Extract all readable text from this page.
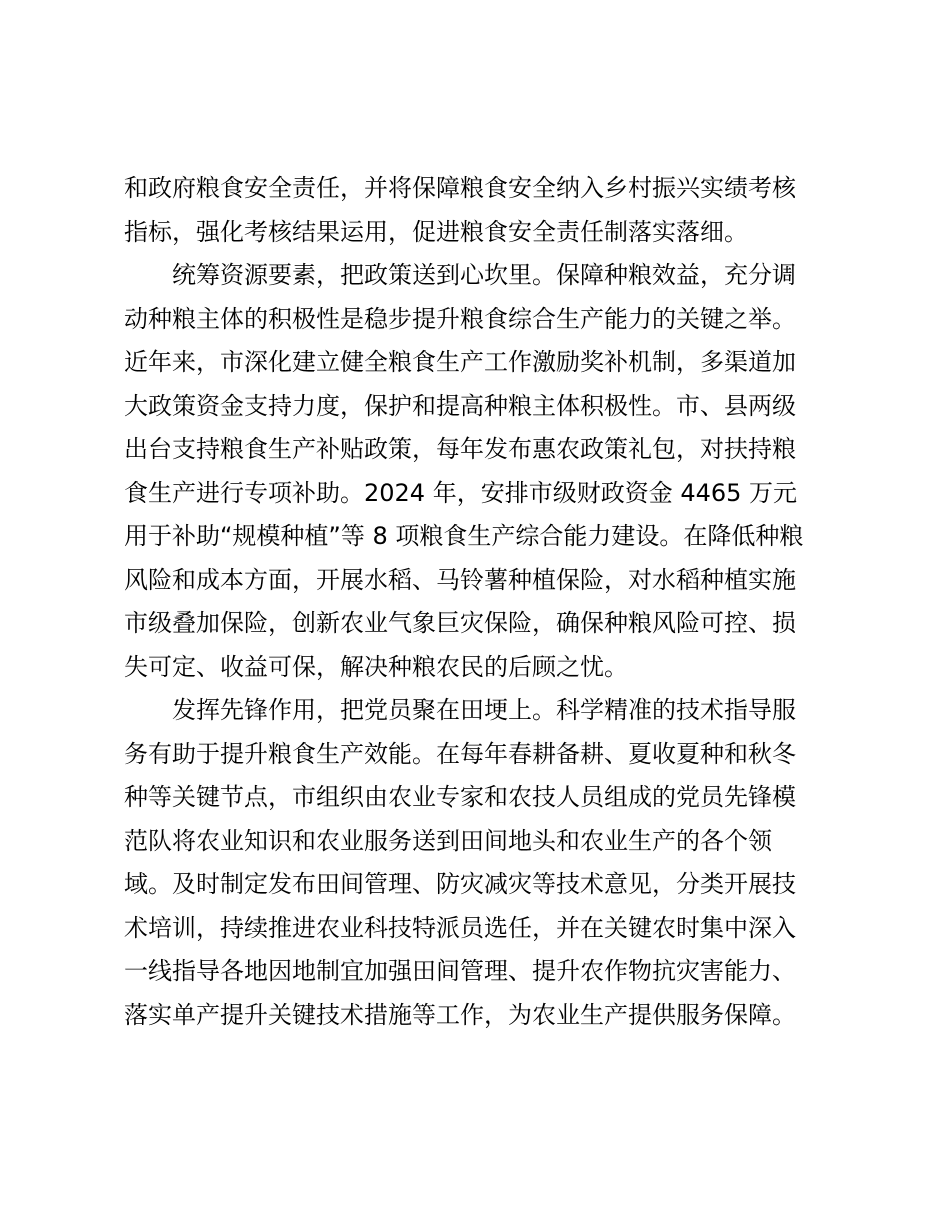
和政府粮食安全责任，并将保障粮食安全纳入乡村振兴实绩考核
指标，强化考核结果运用，促进粮食安全责任制落实落细。
统筹资源要素，把政策送到心坎里。保障种粮效益，充分调
动种粮主体的积极性是稳步提升粮食综合生产能力的关键之举。
近年来，市深化建立健全粮食生产工作激励奖补机制，多渠道加
大政策资金支持力度，保护和提高种粮主体积极性。市、县两级
出台支持粮食生产补贴政策，每年发布惠农政策礼包，对扶持粮
食生产进行专项补助。2024 年，安排市级财政资金 4465 万元
用于补助“规模种植”等 8 项粮食生产综合能力建设。在降低种粮
风险和成本方面，开展水稻、马铃薯种植保险，对水稻种植实施
市级叠加保险，创新农业气象巨灾保险，确保种粮风险可控、损
失可定、收益可保，解决种粮农民的后顾之忧。
发挥先锋作用，把党员聚在田埂上。科学精准的技术指导服
务有助于提升粮食生产效能。在每年春耕备耕、夏收夏种和秋冬
种等关键节点，市组织由农业专家和农技人员组成的党员先锋模
范队将农业知识和农业服务送到田间地头和农业生产的各个领
域。及时制定发布田间管理、防灾减灾等技术意见，分类开展技
术培训，持续推进农业科技特派员选任，并在关键农时集中深入
一线指导各地因地制宜加强田间管理、提升农作物抗灾害能力、
落实单产提升关键技术措施等工作，为农业生产提供服务保障。
